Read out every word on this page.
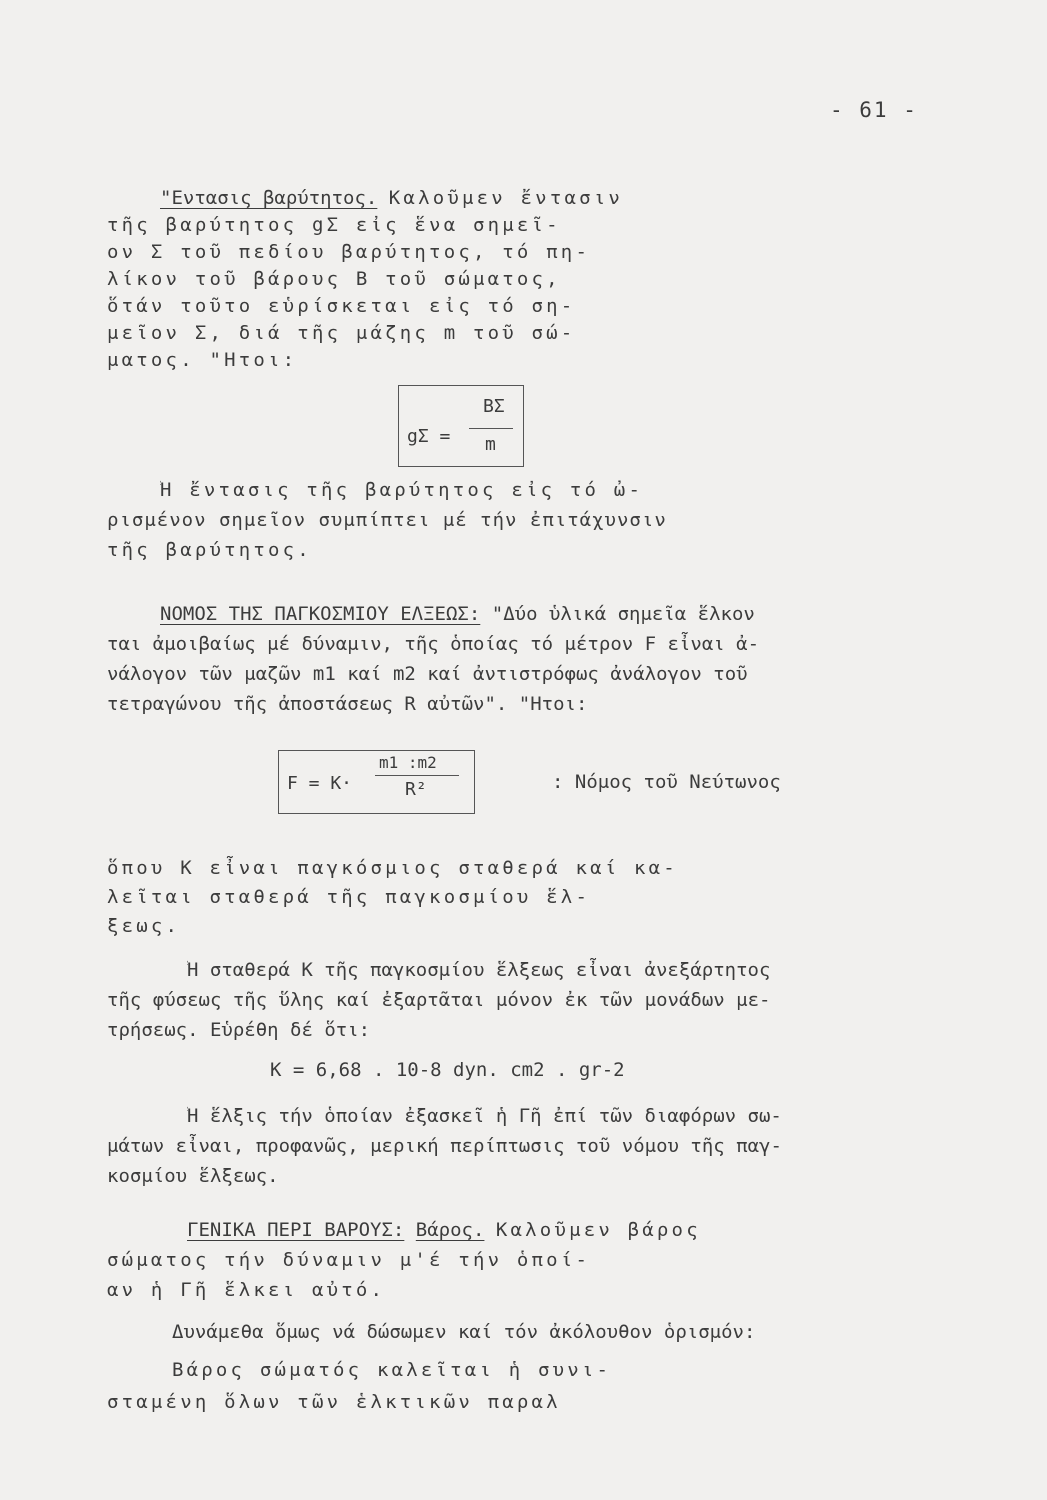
- 61 -
"Εντασις βαρύτητος. Καλοῦμεν ἔντασιν
τῆς βαρύτητος gΣ εἰς ἕνα σημεῖ-
ον Σ τοῦ πεδίου βαρύτητος, τό πη-
λίκον τοῦ βάρους Β τοῦ σώματος,
ὅτάν τοῦτο εὑρίσκεται εἰς τό ση-
μεῖον Σ, διά τῆς μάζης m τοῦ σώ-
ματος. "Ητοι:
gΣ =
BΣ
m
Ἡ ἔντασις τῆς βαρύτητος εἰς τό ὠ-
ρισμένον σημεῖον συμπίπτει μέ τήν ἐπιτάχυνσιν
τῆς βαρύτητος.
ΝΟΜΟΣ ΤΗΣ ΠΑΓΚΟΣΜΙΟΥ ΕΛΞΕΩΣ: "Δύο ὑλικά σημεῖα ἕλκον
ται ἀμοιβαίως μέ δύναμιν, τῆς ὁποίας τό μέτρον F εἶναι ἀ-
νάλογον τῶν μαζῶν m1 καί m2 καί ἀντιστρόφως ἀνάλογον τοῦ
τετραγώνου τῆς ἀποστάσεως R αὐτῶν". "Ητοι:
F = K·
m1 :m2
R²	: Νόμος τοῦ Νεύτωνος
ὅπου Κ εἶναι παγκόσμιος σταθερά καί κα-
λεῖται σταθερά τῆς παγκοσμίου ἕλ-
ξεως.
Ἡ σταθερά Κ τῆς παγκοσμίου ἕλξεως εἶναι ἀνεξάρτητος
τῆς φύσεως τῆς ὕλης καί ἐξαρτᾶται μόνον ἐκ τῶν μονάδων με-
τρήσεως. Εὑρέθη δέ ὅτι:
K = 6,68 . 10-8 dyn. cm2 . gr-2
Ἡ ἕλξις τήν ὁποίαν ἐξασκεῖ ἡ Γῆ ἐπί τῶν διαφόρων σω-
μάτων εἶναι, προφανῶς, μερική περίπτωσις τοῦ νόμου τῆς παγ-
κοσμίου ἕλξεως.
ΓΕΝΙΚΑ ΠΕΡΙ ΒΑΡΟΥΣ: Βάρος. Καλοῦμεν βάρος
σώματος τήν δύναμιν μ'έ τήν ὁποί-
αν ἡ Γῆ ἕλκει αὐτό.
Δυνάμεθα ὅμως νά δώσωμεν καί τόν ἀκόλουθον ὁρισμόν:
Βάρος σώματός καλεῖται ἡ συνι-
σταμένη ὅλων τῶν ἑλκτικῶν παραλ
